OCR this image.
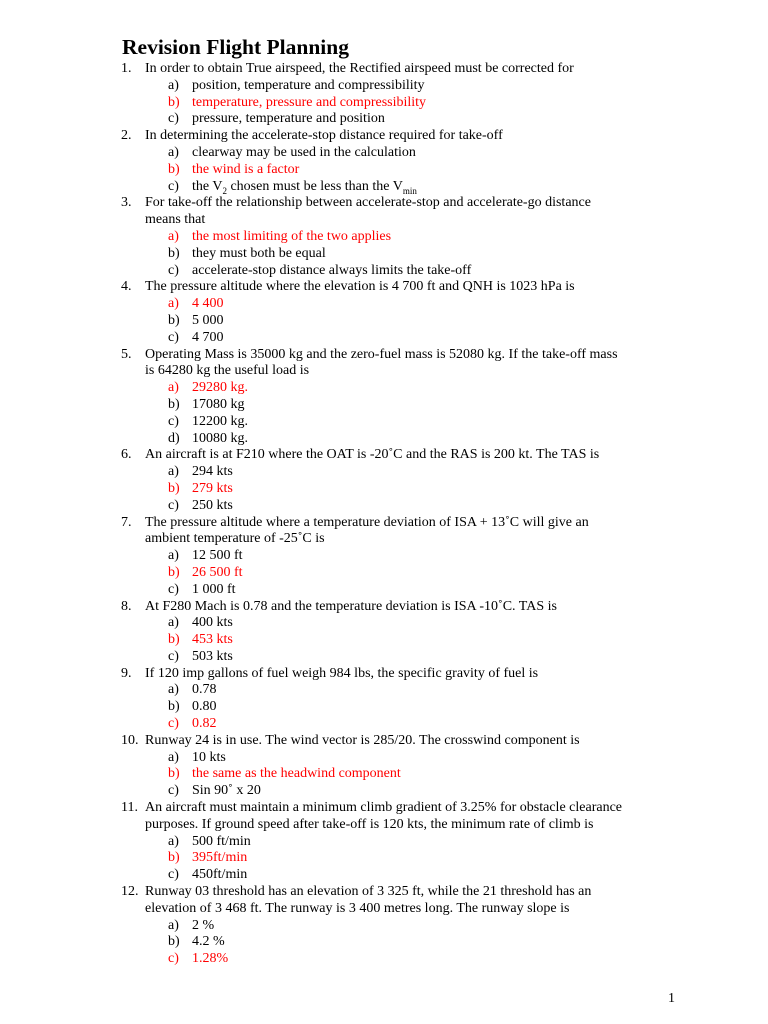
Revision Flight Planning
1. In order to obtain True airspeed, the Rectified airspeed must be corrected for
a) position, temperature and compressibility
b) temperature, pressure and compressibility
c) pressure, temperature and position
2. In determining the accelerate-stop distance required for take-off
a) clearway may be used in the calculation
b) the wind is a factor
c) the $V_2$ chosen must be less than the $V_{min}$
3. For take-off the relationship between accelerate-stop and accelerate-go distance
means that
a) the most limiting of the two applies
b) they must both be equal
c) accelerate-stop distance always limits the take-off
4. The pressure altitude where the elevation is 4 700 ft and QNH is 1023 hPa is
a) 4 400
b) 5 000
c) 4 700
5. Operating Mass is 35000 kg and the zero-fuel mass is 52080 kg. If the take-off mass
is 64280 kg the useful load is
a) 29280 kg.
b) 17080 kg
c) 12200 kg.
d) 10080 kg.
6. An aircraft is at F210 where the OAT is -20˚C and the RAS is 200 kt. The TAS is
a) 294 kts
b) 279 kts
c) 250 kts
7. The pressure altitude where a temperature deviation of ISA + 13˚C will give an
ambient temperature of -25˚C is
a) 12 500 ft
b) 26 500 ft
c) 1 000 ft
8. At F280 Mach is 0.78 and the temperature deviation is ISA -10˚C. TAS is
a) 400 kts
b) 453 kts
c) 503 kts
9. If 120 imp gallons of fuel weigh 984 lbs, the specific gravity of fuel is
a) 0.78
b) 0.80
c) 0.82
10. Runway 24 is in use. The wind vector is 285/20. The crosswind component is
a) 10 kts
b) the same as the headwind component
c) Sin 90˚ x 20
11. An aircraft must maintain a minimum climb gradient of 3.25% for obstacle clearance
purposes. If ground speed after take-off is 120 kts, the minimum rate of climb is
a) 500 ft/min
b) 395ft/min
c) 450ft/min
12. Runway 03 threshold has an elevation of 3 325 ft, while the 21 threshold has an
elevation of 3 468 ft. The runway is 3 400 metres long. The runway slope is
a) 2 %
b) 4.2 %
c) 1.28%
1
